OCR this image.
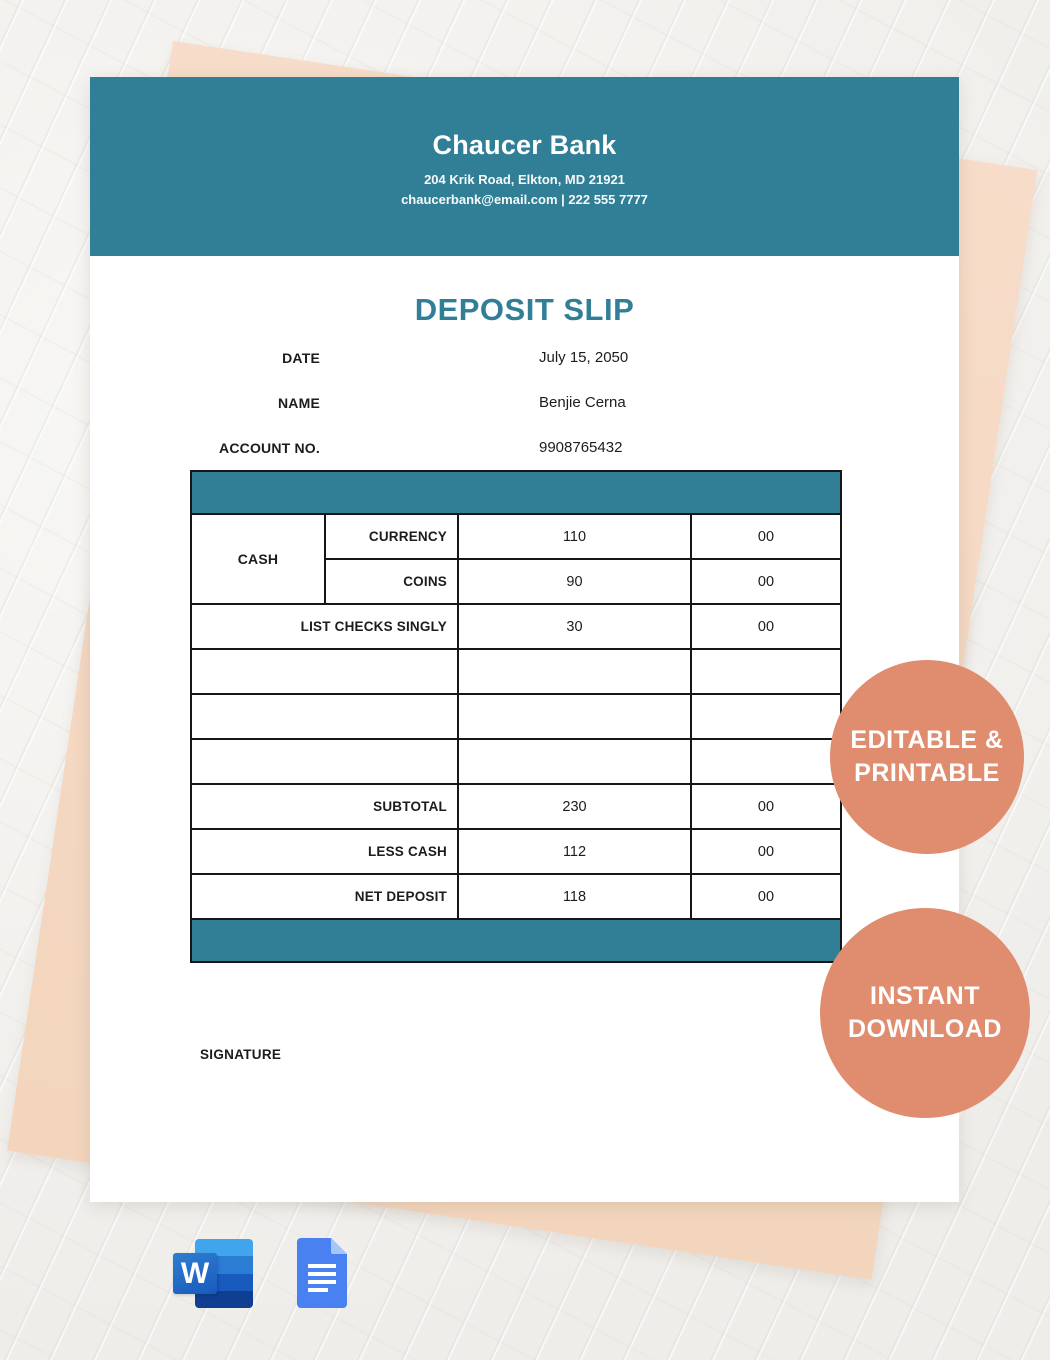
Chaucer Bank
204 Krik Road, Elkton, MD 21921
chaucerbank@email.com | 222 555 7777
DEPOSIT SLIP
DATE	July 15, 2050
NAME	Benjie Cerna
ACCOUNT NO.	9908765432

CASH	CURRENCY	110	00
	COINS	90	00
LIST CHECKS SINGLY		30	00

SUBTOTAL		230	00
LESS CASH		112	00
NET DEPOSIT		118	00

SIGNATURE
EDITABLE &
PRINTABLE
INSTANT
DOWNLOAD
W
